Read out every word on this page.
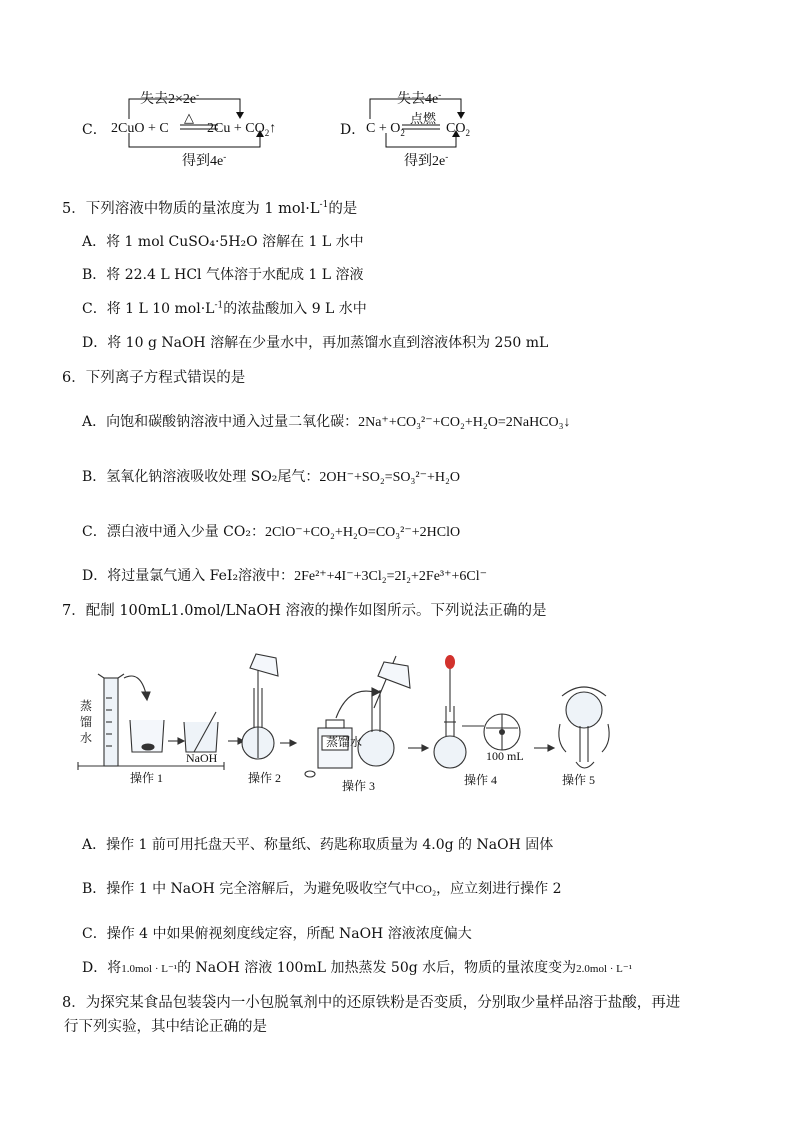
C．
失去2×2e-
2CuO + C
△
$2Cu + CO_2↑$
得到4e-
D．
失去4e-
$C + O_2$
点燃
$CO_2$
得到2e-
5．下列溶液中物质的量浓度为 1 $mol\cdot L^{-1}$的是
A．将 1 mol CuSO₄·5H₂O 溶解在 1 L 水中
B．将 22.4 L HCl 气体溶于水配成 1 L 溶液
C．将 1 L 10 $mol\cdot L^{-1}$的浓盐酸加入 9 L 水中
D．将 10 g NaOH 溶解在少量水中，再加蒸馏水直到溶液体积为 250 mL
6．下列离子方程式错误的是
A．向饱和碳酸钠溶液中通入过量二氧化碳：2Na⁺+CO₃²⁻+CO₂+H₂O=2NaHCO₃↓
B．氢氧化钠溶液吸收处理 SO₂尾气：2OH⁻+SO₂=SO₃²⁻+H₂O
C．漂白液中通入少量 CO₂：2ClO⁻+CO₂+H₂O=CO₃²⁻+2HClO
D．将过量氯气通入 FeI₂溶液中：2Fe²⁺+4I⁻+3Cl₂=2I₂+2Fe³⁺+6Cl⁻
7．配制 100mL1.0mol/LNaOH 溶液的操作如图所示。下列说法正确的是
蒸
馏
水
NaOH
操作 1	操作 2
蒸馏水
操作 3
100 mL
操作 4	操作 5
A．操作 1 前可用托盘天平、称量纸、药匙称取质量为 4.0g 的 NaOH 固体
B．操作 1 中 NaOH 完全溶解后，为避免吸收空气中CO₂，应立刻进行操作 2
C．操作 4 中如果俯视刻度线定容，所配 NaOH 溶液浓度偏大
D．将1.0mol · L⁻¹的 NaOH 溶液 100mL 加热蒸发 50g 水后，物质的量浓度变为2.0mol · L⁻¹
8．为探究某食品包装袋内一小包脱氧剂中的还原铁粉是否变质，分别取少量样品溶于盐酸，再进
行下列实验，其中结论正确的是
